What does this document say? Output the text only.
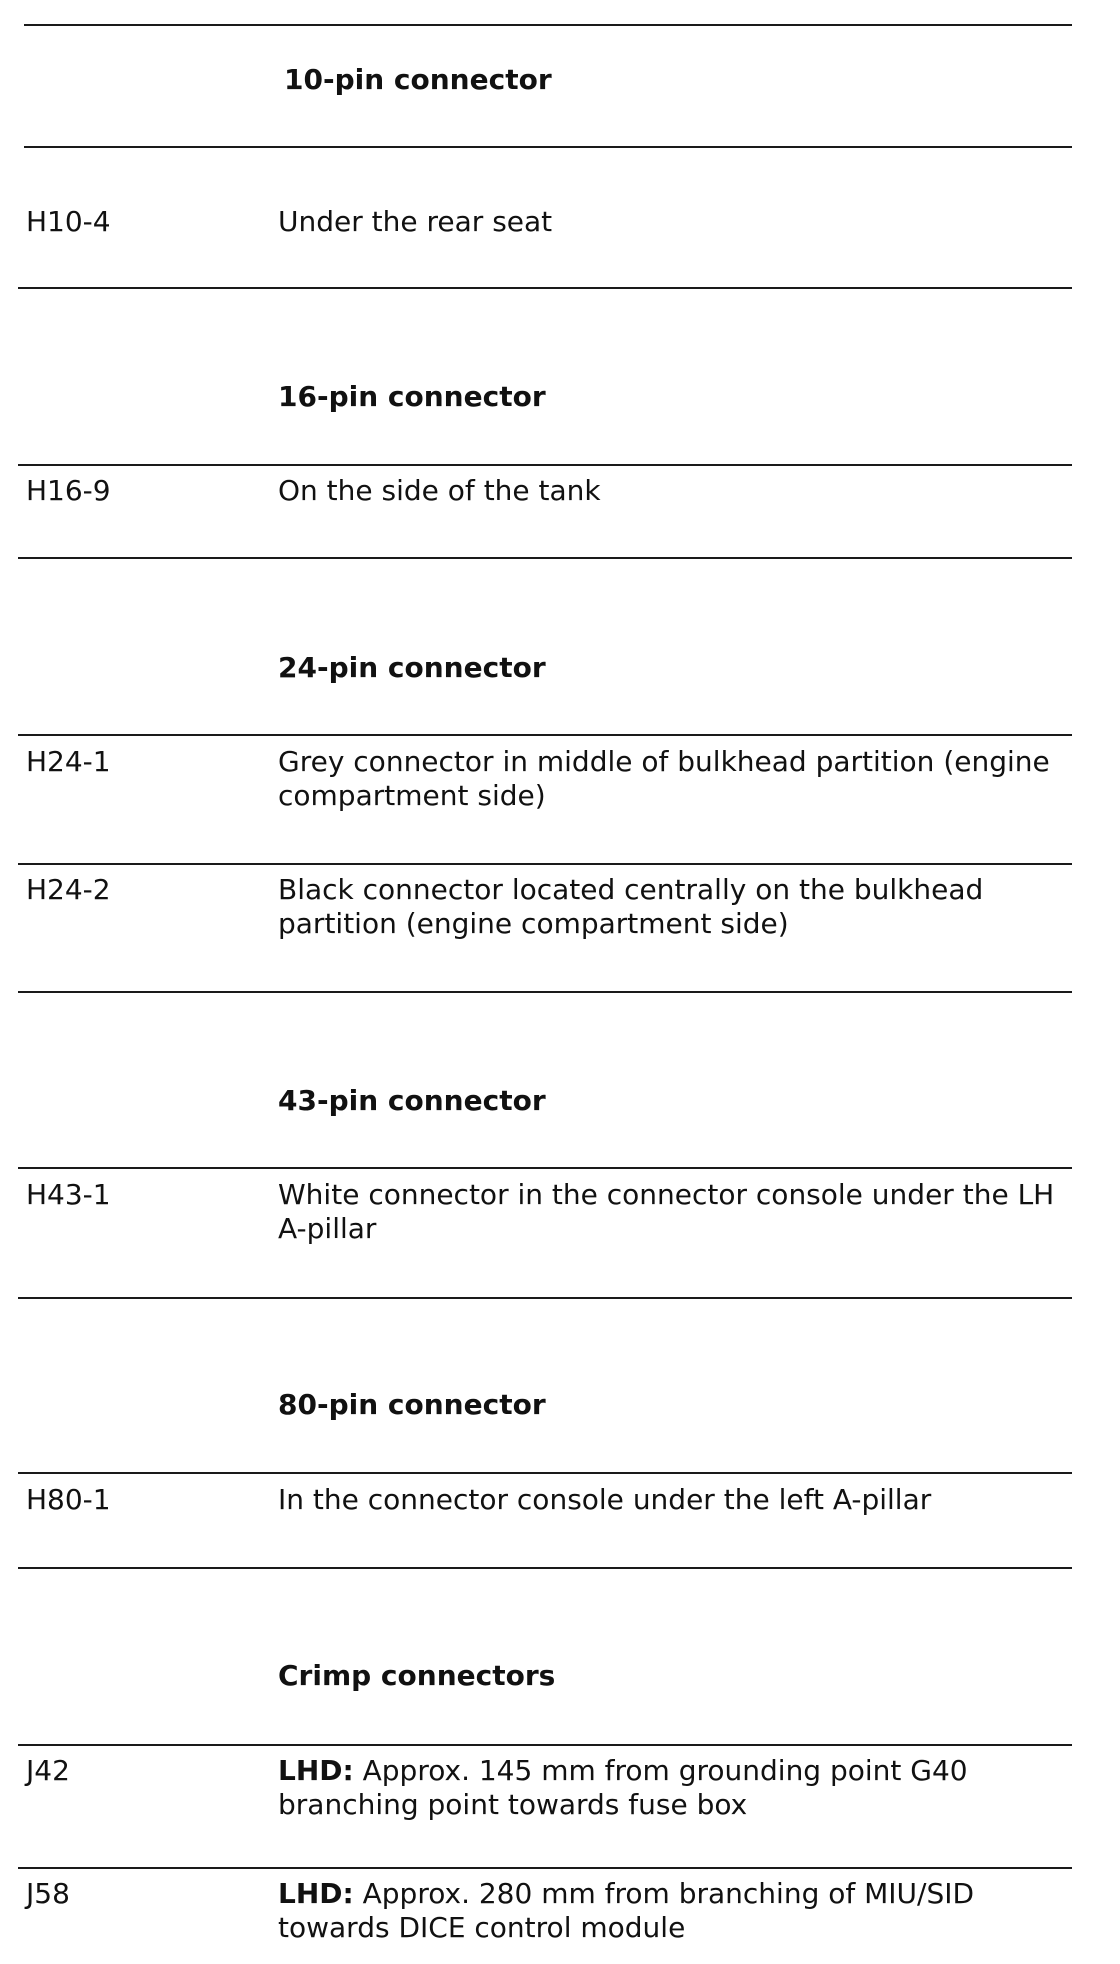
10-pin connector
H10-4	Under the rear seat
16-pin connector
H16-9	On the side of the tank
24-pin connector
H24-1	Grey connector in middle of bulkhead partition (engine compartment side)
H24-2	Black connector located centrally on the bulkhead partition (engine compartment side)
43-pin connector
H43-1	White connector in the connector console under the LH A-pillar
80-pin connector
H80-1	In the connector console under the left A-pillar
Crimp connectors
J42	LHD: Approx. 145 mm from grounding point G40 branching point towards fuse box
J58	LHD: Approx. 280 mm from branching of MIU/SID towards DICE control module
